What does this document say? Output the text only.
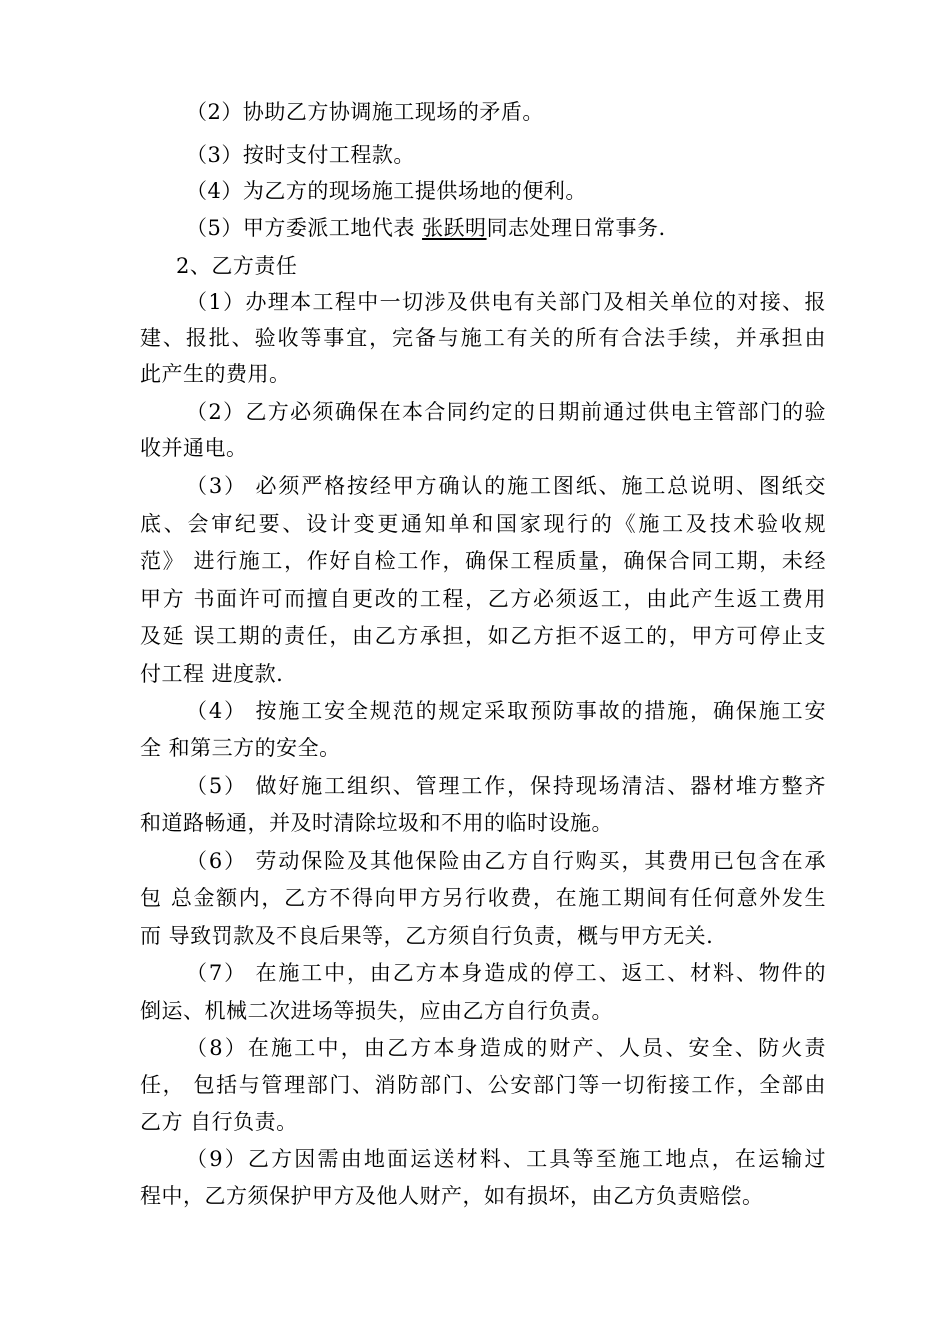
（2）协助乙方协调施工现场的矛盾。
（3）按时支付工程款。
（4）为乙方的现场施工提供场地的便利。
（5）甲方委派工地代表 张跃明同志处理日常事务.
2、乙方责任
（1）办理本工程中一切涉及供电有关部门及相关单位的对接、报
建、报批、验收等事宜，完备与施工有关的所有合法手续，并承担由
此产生的费用。
（2）乙方必须确保在本合同约定的日期前通过供电主管部门的验
收并通电。
（3） 必须严格按经甲方确认的施工图纸、施工总说明、图纸交
底、会审纪要、设计变更通知单和国家现行的《施工及技术验收规
范》 进行施工，作好自检工作，确保工程质量，确保合同工期，未经
甲方 书面许可而擅自更改的工程，乙方必须返工，由此产生返工费用
及延 误工期的责任，由乙方承担，如乙方拒不返工的，甲方可停止支
付工程 进度款.
（4） 按施工安全规范的规定采取预防事故的措施，确保施工安
全 和第三方的安全。
（5） 做好施工组织、管理工作，保持现场清洁、器材堆方整齐
和道路畅通，并及时清除垃圾和不用的临时设施。
（6） 劳动保险及其他保险由乙方自行购买，其费用已包含在承
包 总金额内，乙方不得向甲方另行收费，在施工期间有任何意外发生
而 导致罚款及不良后果等，乙方须自行负责，概与甲方无关.
（7） 在施工中，由乙方本身造成的停工、返工、材料、物件的
倒运、机械二次进场等损失，应由乙方自行负责。
（8）在施工中，由乙方本身造成的财产、人员、安全、防火责
任， 包括与管理部门、消防部门、公安部门等一切衔接工作，全部由
乙方 自行负责。
（9）乙方因需由地面运送材料、工具等至施工地点，在运输过
程中，乙方须保护甲方及他人财产，如有损坏，由乙方负责赔偿。
